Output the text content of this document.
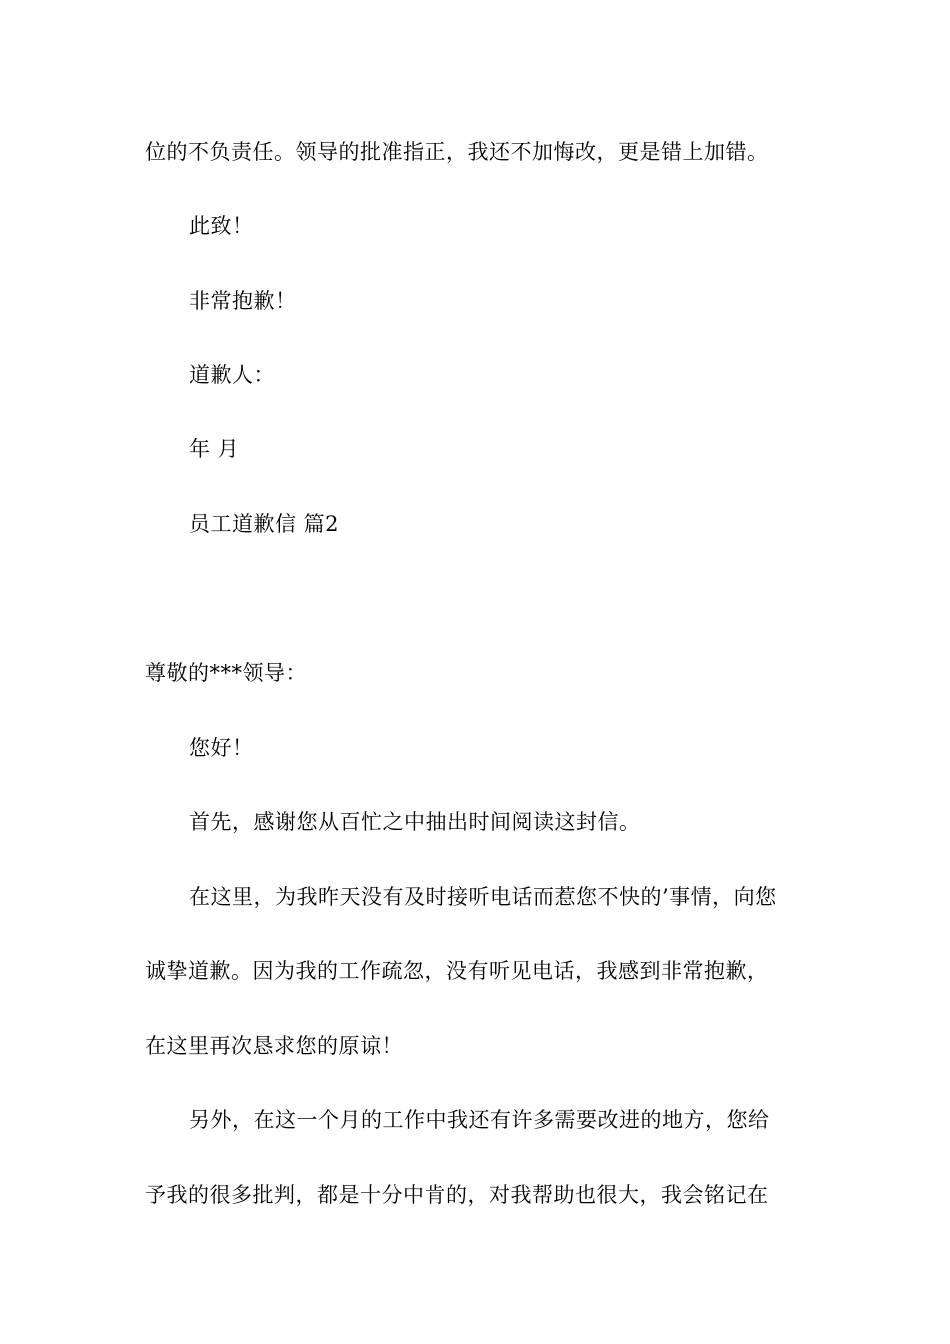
位的不负责任。领导的批准指正，我还不加悔改，更是错上加错。
此致！
非常抱歉！
道歉人：
年 月
员工道歉信 篇2
尊敬的***领导：
您好！
首先，感谢您从百忙之中抽出时间阅读这封信。
在这里，为我昨天没有及时接听电话而惹您不快的’事情，向您
诚挚道歉。因为我的工作疏忽，没有听见电话，我感到非常抱歉，
在这里再次恳求您的原谅！
另外，在这一个月的工作中我还有许多需要改进的地方，您给
予我的很多批判，都是十分中肯的，对我帮助也很大，我会铭记在
